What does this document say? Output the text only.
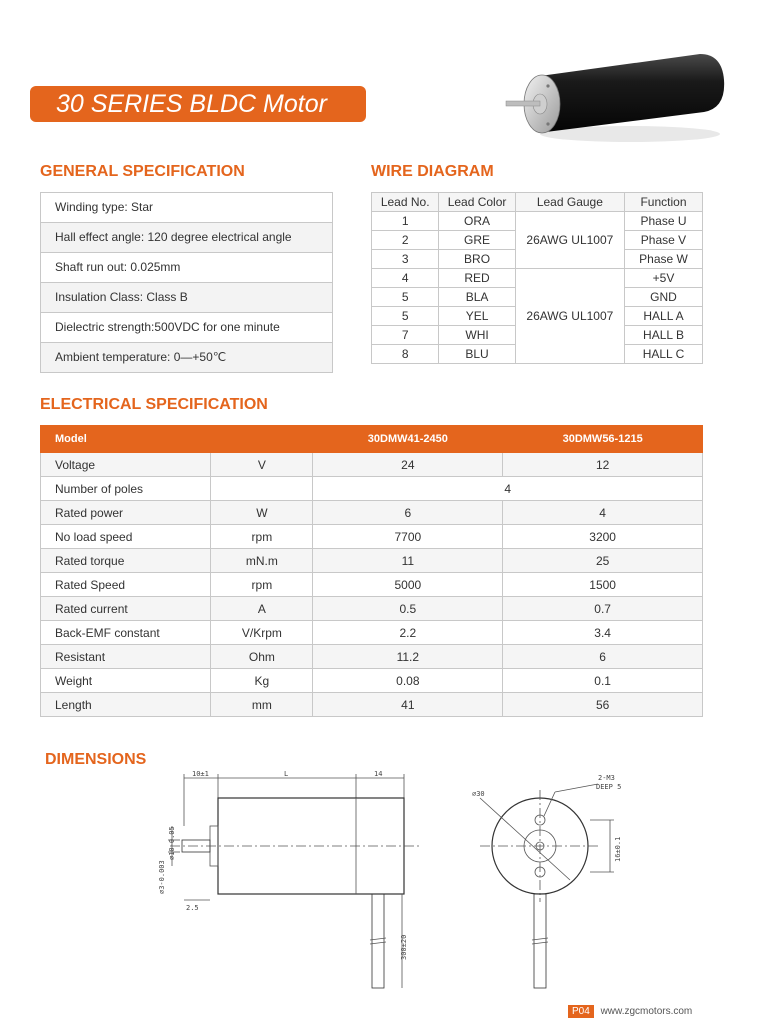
30 SERIES BLDC Motor
GENERAL SPECIFICATION
Winding type: Star
Hall effect angle: 120 degree electrical angle
Shaft run out: 0.025mm
Insulation Class: Class B
Dielectric strength:500VDC for one minute
Ambient temperature: 0—+50℃
WIRE DIAGRAM
Lead No.	Lead Color	Lead Gauge	Function
1	ORA	26AWG UL1007	Phase U
2	GRE		Phase V
3	BRO		Phase W
4	RED	26AWG UL1007	+5V
5	BLA		GND
5	YEL		HALL A
7	WHI		HALL B
8	BLU		HALL C
ELECTRICAL SPECIFICATION
Model		30DMW41-2450	30DMW56-1215
Voltage	V	24	12
Number of poles		4	
Rated power	W	6	4
No load speed	rpm	7700	3200
Rated torque	mN.m	11	25
Rated Speed	rpm	5000	1500
Rated current	A	0.5	0.7
Back-EMF constant	V/Krpm	2.2	3.4
Resistant	Ohm	11.2	6
Weight	Kg	0.08	0.1
Length	mm	41	56
DIMENSIONS
10±1	L	14
⌀10-0.05
⌀3-0.003
2.5
300±20
2-M3
DEEP 5
⌀30
16±0.1
P04 www.zgcmotors.com
